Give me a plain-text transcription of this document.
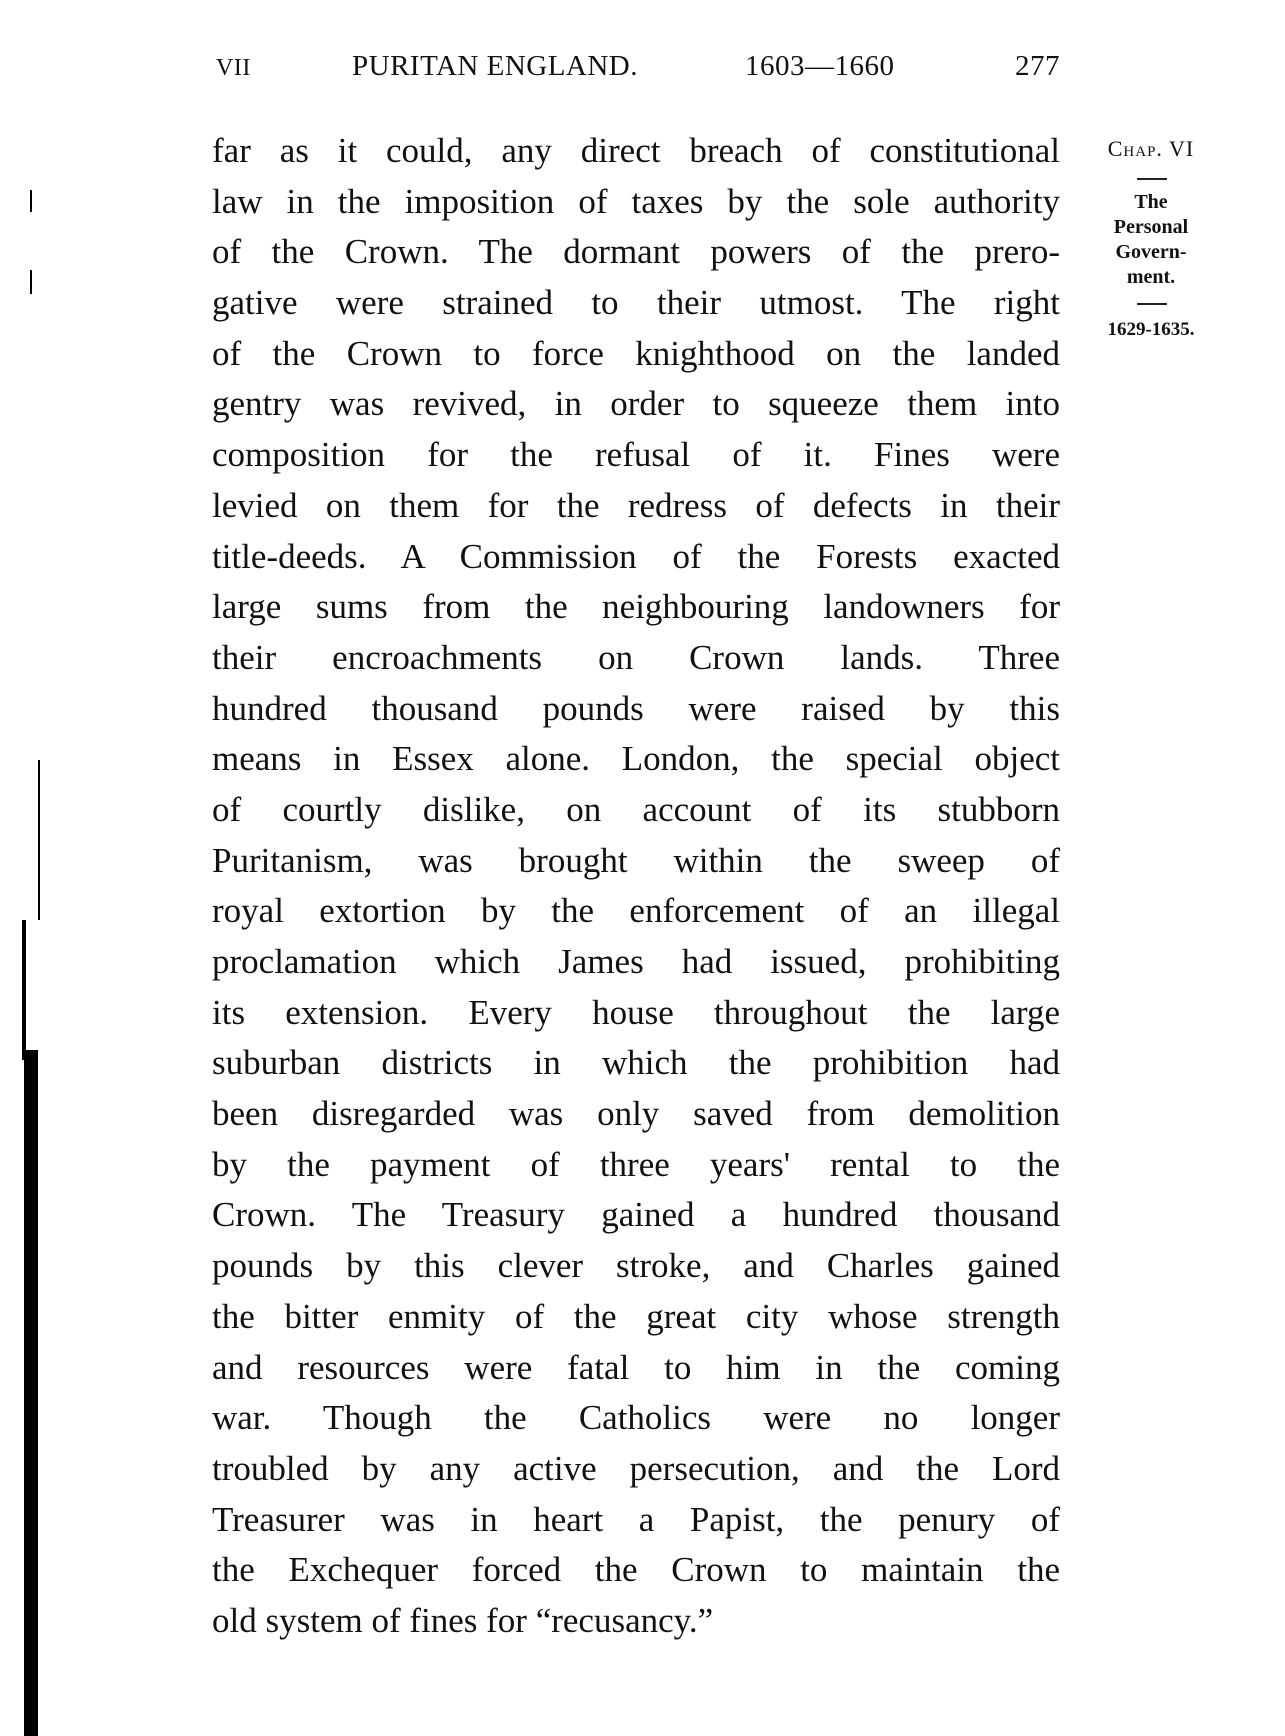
VII	PURITAN ENGLAND.	1603—1660	277
far as it could, any direct breach of constitutional
law in the imposition of taxes by the sole authority
of the Crown. The dormant powers of the prero-
gative were strained to their utmost. The right
of the Crown to force knighthood on the landed
gentry was revived, in order to squeeze them into
composition for the refusal of it. Fines were
levied on them for the redress of defects in their
title-deeds. A Commission of the Forests exacted
large sums from the neighbouring landowners for
their encroachments on Crown lands. Three
hundred thousand pounds were raised by this
means in Essex alone. London, the special object
of courtly dislike, on account of its stubborn
Puritanism, was brought within the sweep of
royal extortion by the enforcement of an illegal
proclamation which James had issued, prohibiting
its extension. Every house throughout the large
suburban districts in which the prohibition had
been disregarded was only saved from demolition
by the payment of three years' rental to the
Crown. The Treasury gained a hundred thousand
pounds by this clever stroke, and Charles gained
the bitter enmity of the great city whose strength
and resources were fatal to him in the coming
war. Though the Catholics were no longer
troubled by any active persecution, and the Lord
Treasurer was in heart a Papist, the penury of
the Exchequer forced the Crown to maintain the
old system of fines for “recusancy.”
Chap. VI
The
Personal
Govern-
ment.
1629-1635.
